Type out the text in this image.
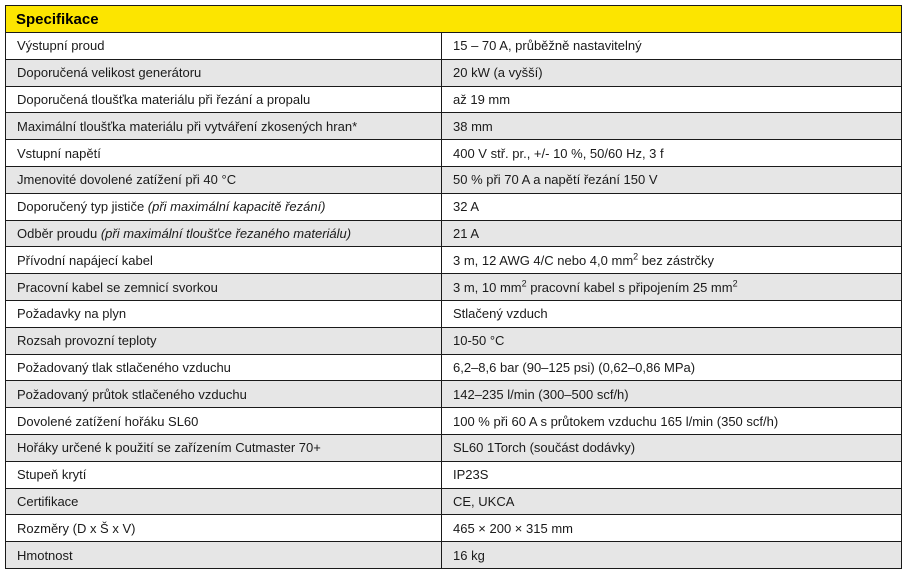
Specifikace	
Výstupní proud	15 – 70 A, průběžně nastavitelný
Doporučená velikost generátoru	20 kW (a vyšší)
Doporučená tloušťka materiálu při řezání a propalu	až 19 mm
Maximální tloušťka materiálu při vytváření zkosených hran*	38 mm
Vstupní napětí	400 V stř. pr., +/- 10 %, 50/60 Hz, 3 f
Jmenovité dovolené zatížení při 40 °C	50 % při 70 A a napětí řezání 150 V
Doporučený typ jističe (při maximální kapacitě řezání)	32 A
Odběr proudu (při maximální tloušťce řezaného materiálu)	21 A
Přívodní napájecí kabel	3 m, 12 AWG 4/C nebo 4,0 $mm^2$ bez zástrčky
Pracovní kabel se zemnicí svorkou	3 m, 10 $mm^2$ pracovní kabel s připojením 25 $mm^2$
Požadavky na plyn	Stlačený vzduch
Rozsah provozní teploty	10-50 °C
Požadovaný tlak stlačeného vzduchu	6,2–8,6 bar (90–125 psi) (0,62–0,86 MPa)
Požadovaný průtok stlačeného vzduchu	142–235 l/min (300–500 scf/h)
Dovolené zatížení hořáku SL60	100 % při 60 A s průtokem vzduchu 165 l/min (350 scf/h)
Hořáky určené k použití se zařízením Cutmaster 70+	SL60 1Torch (součást dodávky)
Stupeň krytí	IP23S
Certifikace	CE, UKCA
Rozměry (D x Š x V)	465 × 200 × 315 mm
Hmotnost	16 kg
